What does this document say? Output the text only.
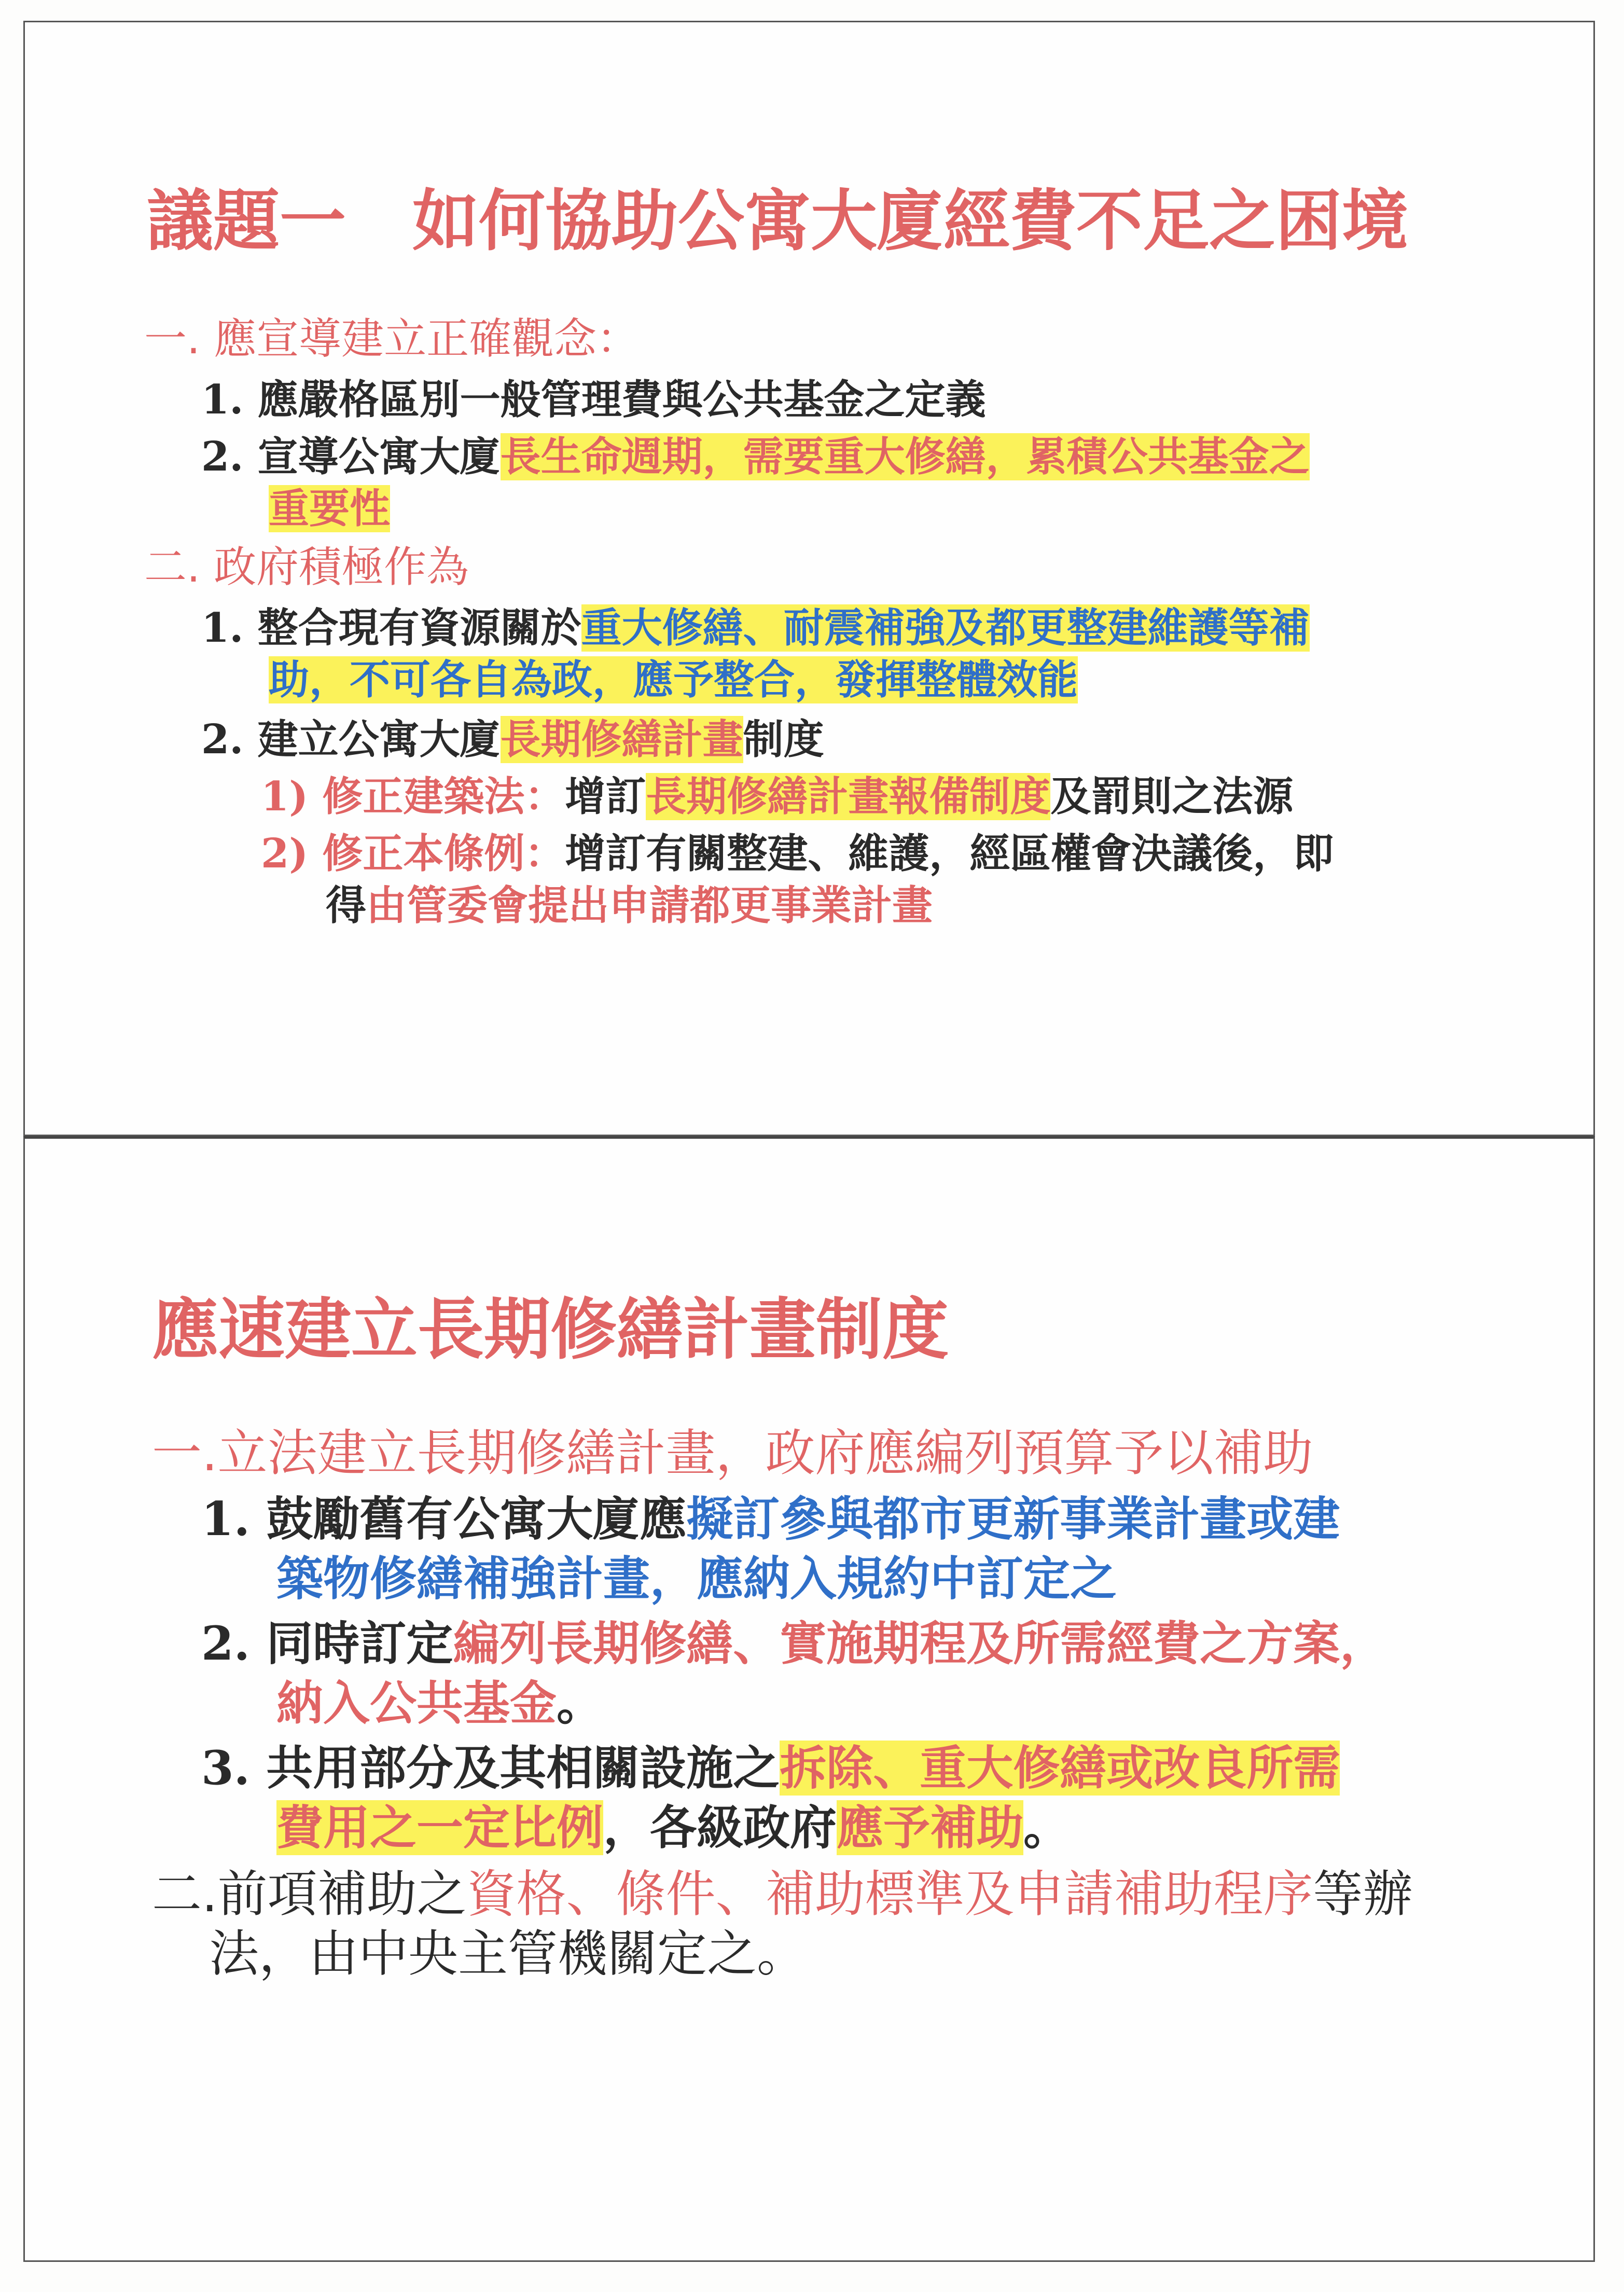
議題一　如何協助公寓大廈經費不足之困境
一. 應宣導建立正確觀念：
1. 應嚴格區別一般管理費與公共基金之定義
2. 宣導公寓大廈長生命週期，需要重大修繕，累積公共基金之
重要性
二. 政府積極作為
1. 整合現有資源關於重大修繕、耐震補強及都更整建維護等補
助，不可各自為政，應予整合，發揮整體效能
2. 建立公寓大廈長期修繕計畫制度
1) 修正建築法：增訂長期修繕計畫報備制度及罰則之法源
2) 修正本條例：增訂有關整建、維護，經區權會決議後，即
得由管委會提出申請都更事業計畫
應速建立長期修繕計畫制度
一.立法建立長期修繕計畫，政府應編列預算予以補助
1. 鼓勵舊有公寓大廈應擬訂參與都市更新事業計畫或建
築物修繕補強計畫，應納入規約中訂定之
2. 同時訂定編列長期修繕、實施期程及所需經費之方案，
納入公共基金。
3. 共用部分及其相關設施之拆除、重大修繕或改良所需
費用之一定比例，各級政府應予補助。
二.前項補助之資格、條件、補助標準及申請補助程序等辦
法，由中央主管機關定之。
